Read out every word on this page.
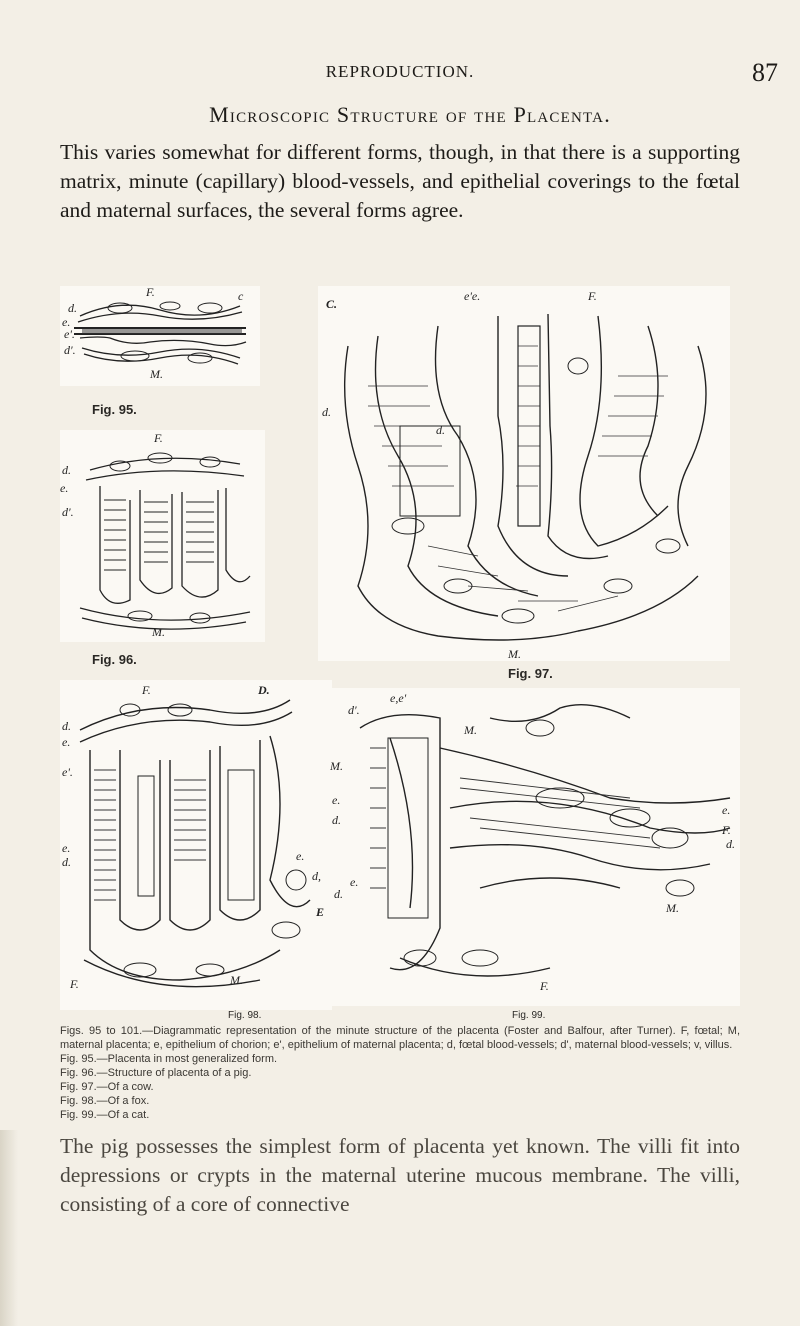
REPRODUCTION.	87
Microscopic Structure of the Placenta.
This varies somewhat for different forms, though, in that there is a supporting matrix, minute (capillary) blood-vessels, and epithelial coverings to the fœtal and maternal surfaces, the several forms agree.
F.	c
d.
e.
e'.
d'.
M.
Fig. 95.
F.
d.
e.
d'.
M.
Fig. 96.
C.
e'e.	F.
d.
d.
M.
Fig. 97.
F.	D.
d.
e.
e'.
e.
d.	e.
d,
E
F.	M.
Fig. 98.
e,e'
d'.
M.
M.
e.
d.
e.
F.
d.
d.
e.
M.
F.
Fig. 99.

Figs. 95 to 101.—Diagrammatic representation of the minute structure of the placenta (Foster and Balfour, after Turner). F, fœtal; M, maternal placenta; e, epithelium of chorion; e', epithelium of maternal placenta; d, fœtal blood-vessels; d', maternal blood-vessels; v, villus.

Fig. 95.—Placenta in most generalized form.

Fig. 96.—Structure of placenta of a pig.

Fig. 97.—Of a cow.

Fig. 98.—Of a fox.

Fig. 99.—Of a cat.

The pig possesses the simplest form of placenta yet known. The villi fit into depressions or crypts in the maternal uterine mucous membrane. The villi, consisting of a core of connective
